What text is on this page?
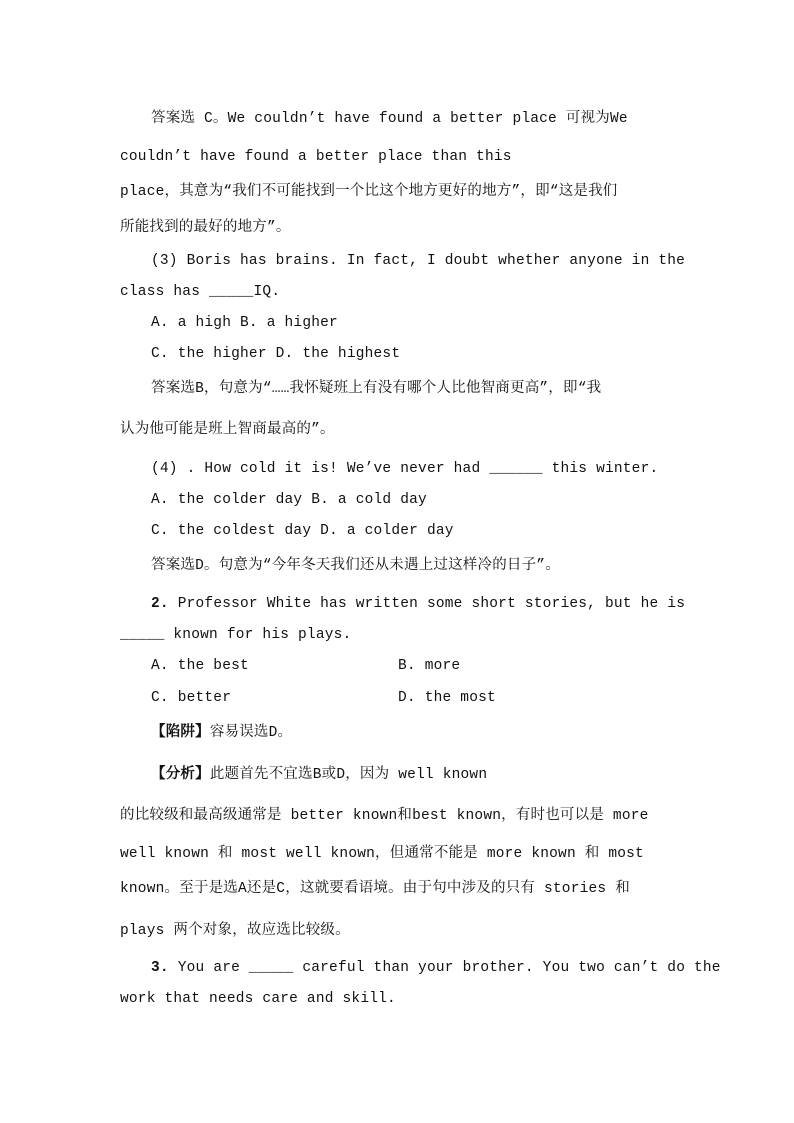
答案选 C。We couldn’t have found a better place 可视为We
couldn’t have found a better place than this
place，其意为“我们不可能找到一个比这个地方更好的地方”，即“这是我们
所能找到的最好的地方”。
(3) Boris has brains. In fact, I doubt whether anyone in the
class has _____IQ.
A. a high B. a higher
C. the higher D. the highest
答案选B，句意为“……我怀疑班上有没有哪个人比他智商更高”，即“我
认为他可能是班上智商最高的”。
(4) . How cold it is! We’ve never had ______ this winter.
A. the colder day B. a cold day
C. the coldest day D. a colder day
答案选D。句意为“今年冬天我们还从未遇上过这样冷的日子”。
2. Professor White has written some short stories, but he is
_____ known for his plays.
A. the best	B. more
C. better	D. the most
【陷阱】容易误选D。
【分析】此题首先不宜选B或D，因为 well known
的比较级和最高级通常是 better known和best known，有时也可以是 more
well known 和 most well known，但通常不能是 more known 和 most
known。至于是选A还是C，这就要看语境。由于句中涉及的只有 stories 和
plays 两个对象，故应选比较级。
3. You are _____ careful than your brother. You two can’t do the
work that needs care and skill.
